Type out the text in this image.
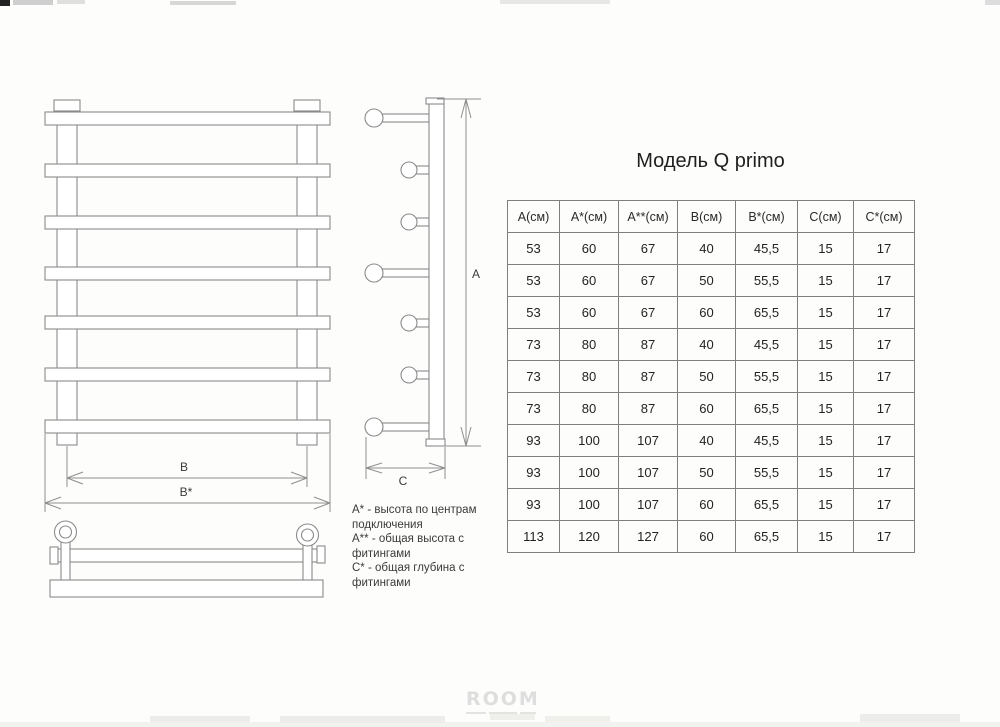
B
B*
A
C
А* - высота по центрам
подключения
А** - общая высота с
фитингами
С* - общая глубина с
фитингами
Модель Q primo
А(см)	А*(см)	А**(см)	В(см)	В*(см)	С(см)	С*(см)
53	60	67	40	45,5	15	17
53	60	67	50	55,5	15	17
53	60	67	60	65,5	15	17
73	80	87	40	45,5	15	17
73	80	87	50	55,5	15	17
73	80	87	60	65,5	15	17
93	100	107	40	45,5	15	17
93	100	107	50	55,5	15	17
93	100	107	60	65,5	15	17
113	120	127	60	65,5	15	17
ROOM
